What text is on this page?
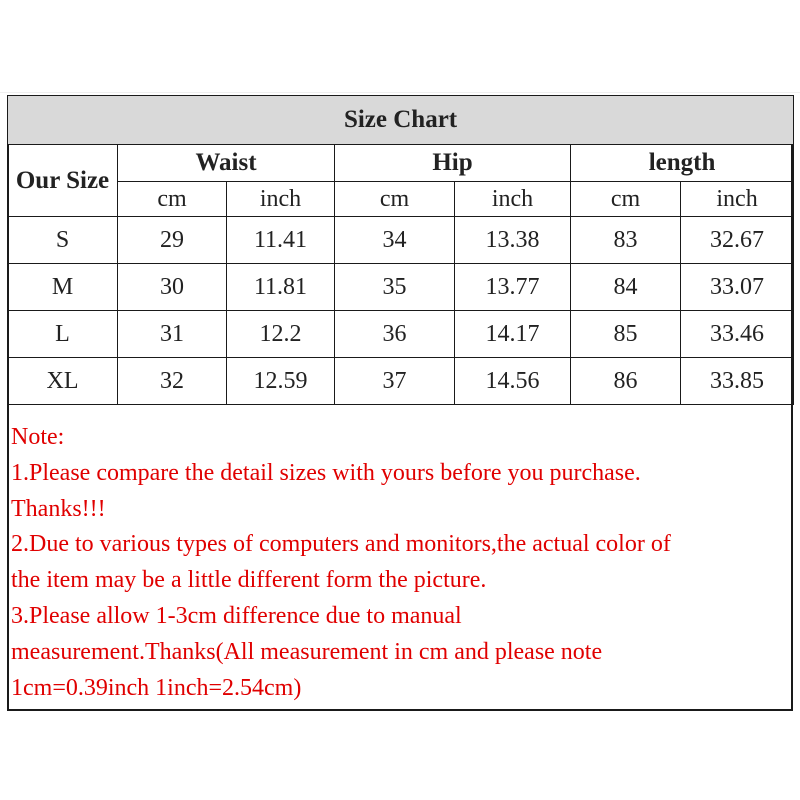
Size Chart						
Our Size	Waist		Hip		length	
	cm	inch	cm	inch	cm	inch
S	29	11.41	34	13.38	83	32.67
M	30	11.81	35	13.77	84	33.07
L	31	12.2	36	14.17	85	33.46
XL	32	12.59	37	14.56	86	33.85
Note:
1.Please compare the detail sizes with yours before you purchase.
Thanks!!!
2.Due to various types of computers and monitors,the actual color of
the item may be a little different form the picture.
3.Please allow 1-3cm difference due to manual
measurement.Thanks(All measurement in cm and please note
1cm=0.39inch 1inch=2.54cm)
